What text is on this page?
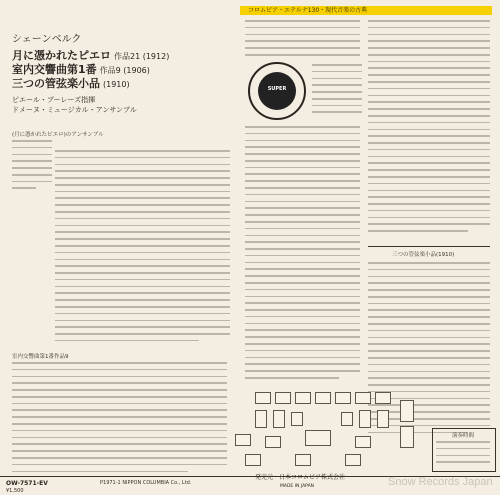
コロムビア・エテルナ130・現代音楽の古典
シェーンベルク
月に憑かれたピエロ 作品21 (1912)
室内交響曲第1番 作品9 (1906)
三つの管弦楽小品 (1910)
ピエール・ブーレーズ指揮
ドメーヌ・ミュージカル・アンサンブル
(月に憑かれたピエロ)のアンサンブル
室内交響曲第1番作品9
SUPER
三つの管弦楽小品(1910)
演奏時間
OW-7571-EV
¥1,500
P1971-1 NIPPON COLUMBIA Co., Ltd.
発売元・日本コロムビア株式会社
MADE IN JAPAN	Snow Records Japan
